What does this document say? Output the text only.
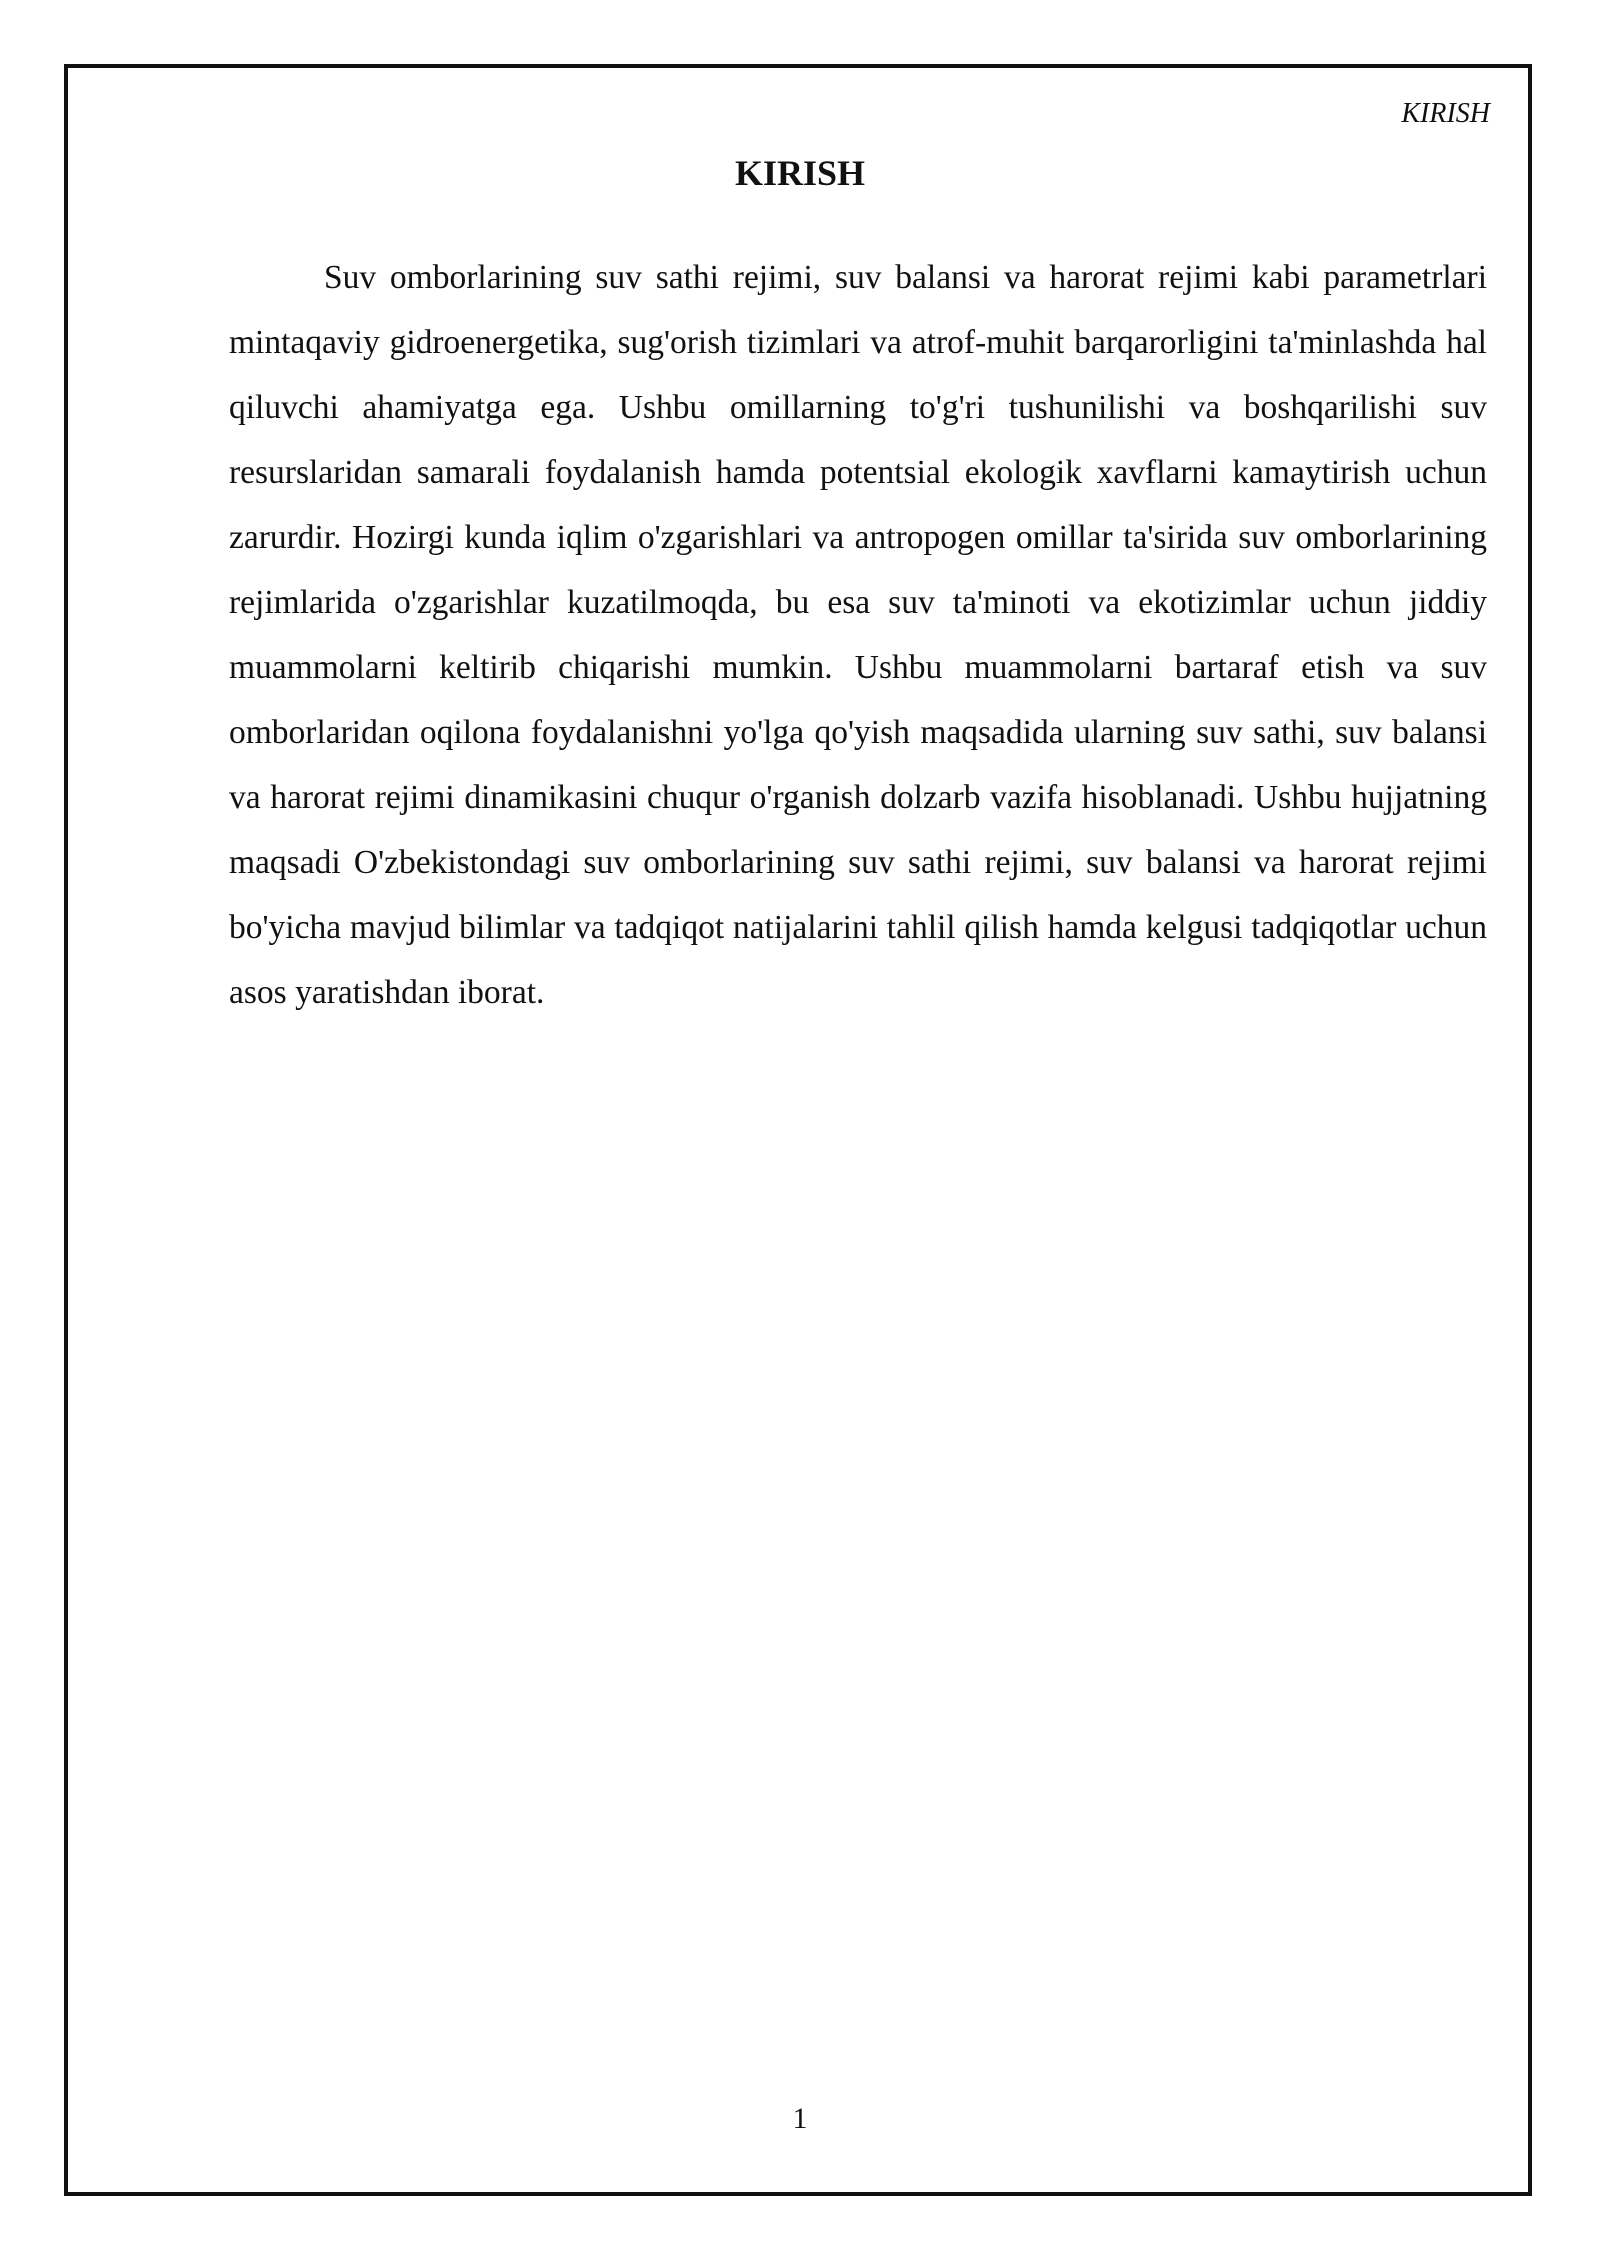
KIRISH
KIRISH

Suv omborlarining suv sathi rejimi, suv balansi va harorat rejimi kabi parametrlari mintaqaviy gidroenergetika, sug'orish tizimlari va atrof-muhit barqarorligini ta'minlashda hal qiluvchi ahamiyatga ega. Ushbu omillarning to'g'ri tushunilishi va boshqarilishi suv resurslaridan samarali foydalanish hamda potentsial ekologik xavflarni kamaytirish uchun zarurdir. Hozirgi kunda iqlim o'zgarishlari va antropogen omillar ta'sirida suv omborlarining rejimlarida o'zgarishlar kuzatilmoqda, bu esa suv ta'minoti va ekotizimlar uchun jiddiy muammolarni keltirib chiqarishi mumkin. Ushbu muammolarni bartaraf etish va suv omborlaridan oqilona foydalanishni yo'lga qo'yish maqsadida ularning suv sathi, suv balansi va harorat rejimi dinamikasini chuqur o'rganish dolzarb vazifa hisoblanadi. Ushbu hujjatning maqsadi O'zbekistondagi suv omborlarining suv sathi rejimi, suv balansi va harorat rejimi bo'yicha mavjud bilimlar va tadqiqot natijalarini tahlil qilish hamda kelgusi tadqiqotlar uchun asos yaratishdan iborat.

1
